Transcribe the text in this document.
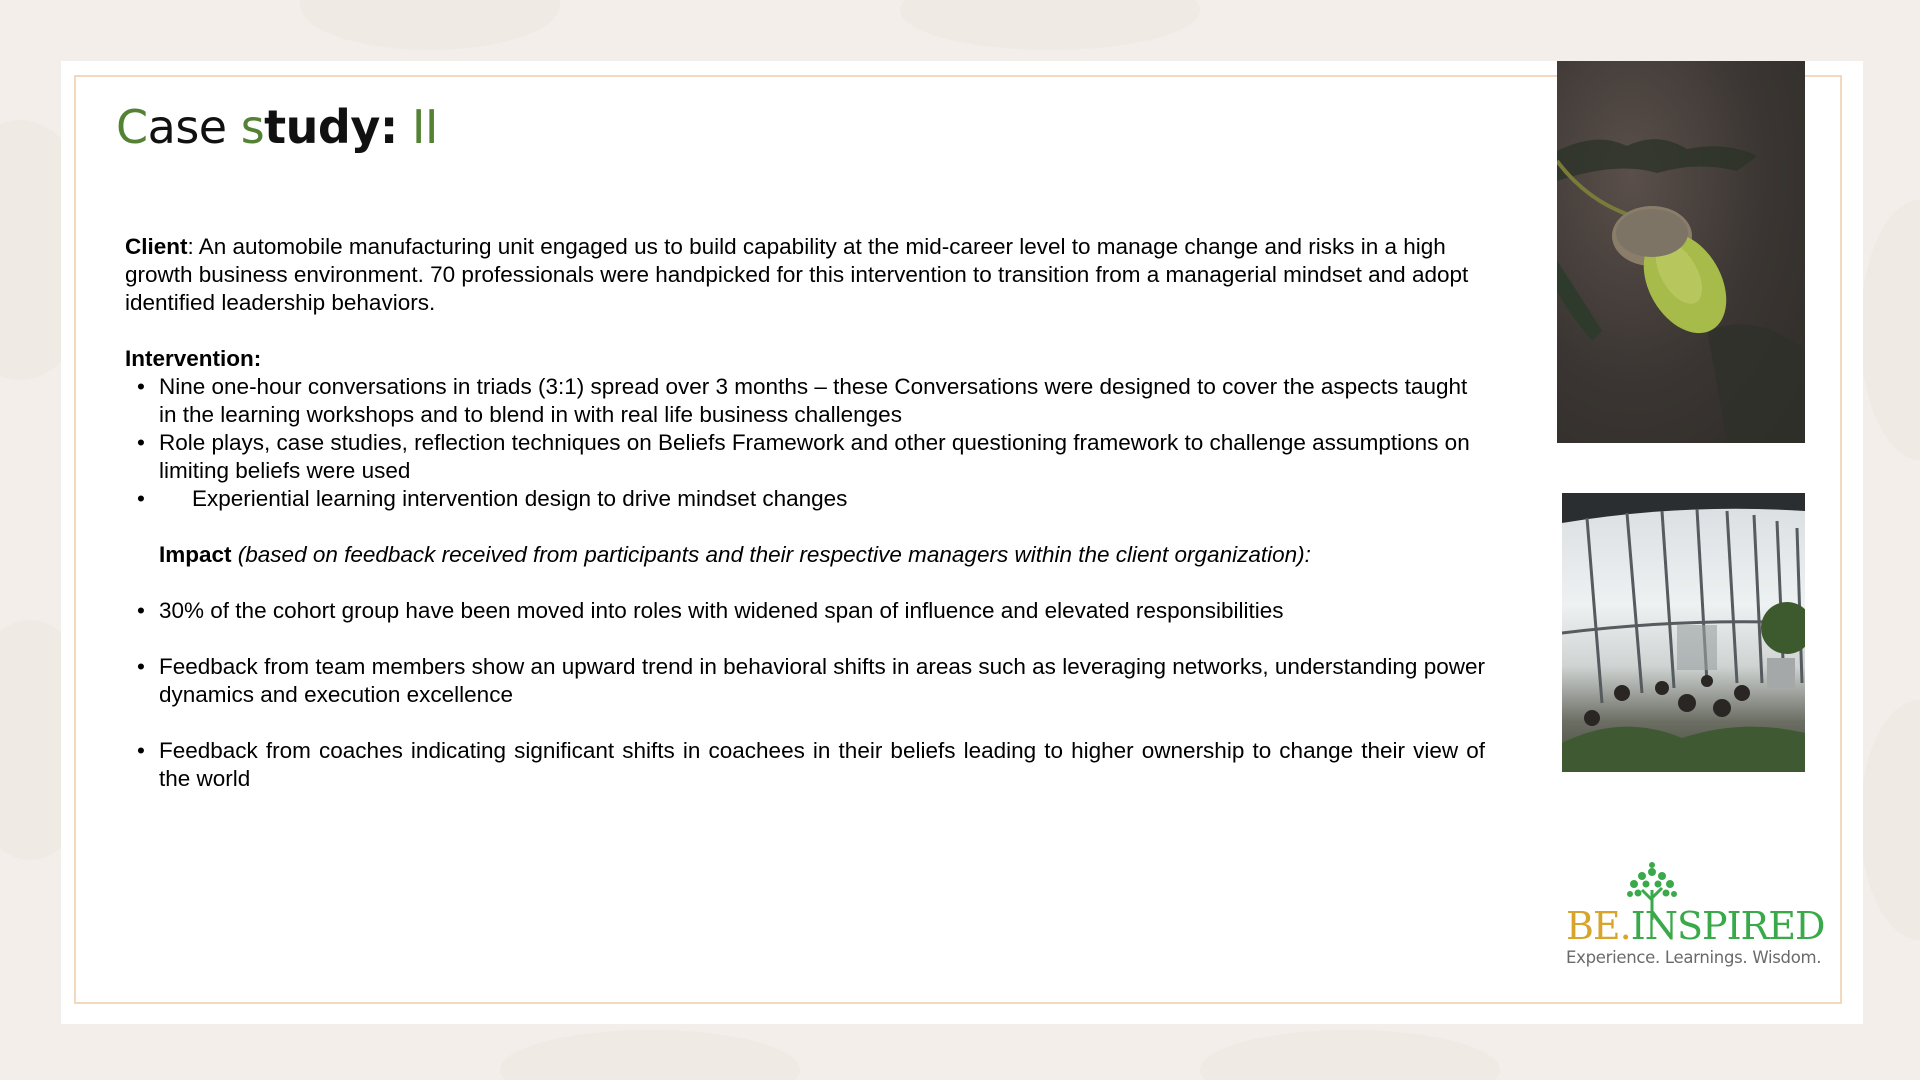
Case study: II

Client: An automobile manufacturing unit engaged us to build capability at the mid-career level to manage change and risks in a high growth business environment. 70 professionals were handpicked for this intervention to transition from a managerial mindset and adopt identified leadership behaviors.

Intervention:

• Nine one-hour conversations in triads (3:1) spread over 3 months – these Conversations were designed to cover the aspects taught in the learning workshops and to blend in with real life business challenges
• Role plays, case studies, reflection techniques on Beliefs Framework and other questioning framework to challenge assumptions on limiting beliefs were used
• Experiential learning intervention design to drive mindset changes

Impact (based on feedback received from participants and their respective managers within the client organization):

• 30% of the cohort group have been moved into roles with widened span of influence and elevated responsibilities
• Feedback from team members show an upward trend in behavioral shifts in areas such as leveraging networks, understanding power dynamics and execution excellence
• Feedback from coaches indicating significant shifts in coachees in their beliefs leading to higher ownership to change their view of the world
BE.INSPIRED
Experience. Learnings. Wisdom.
